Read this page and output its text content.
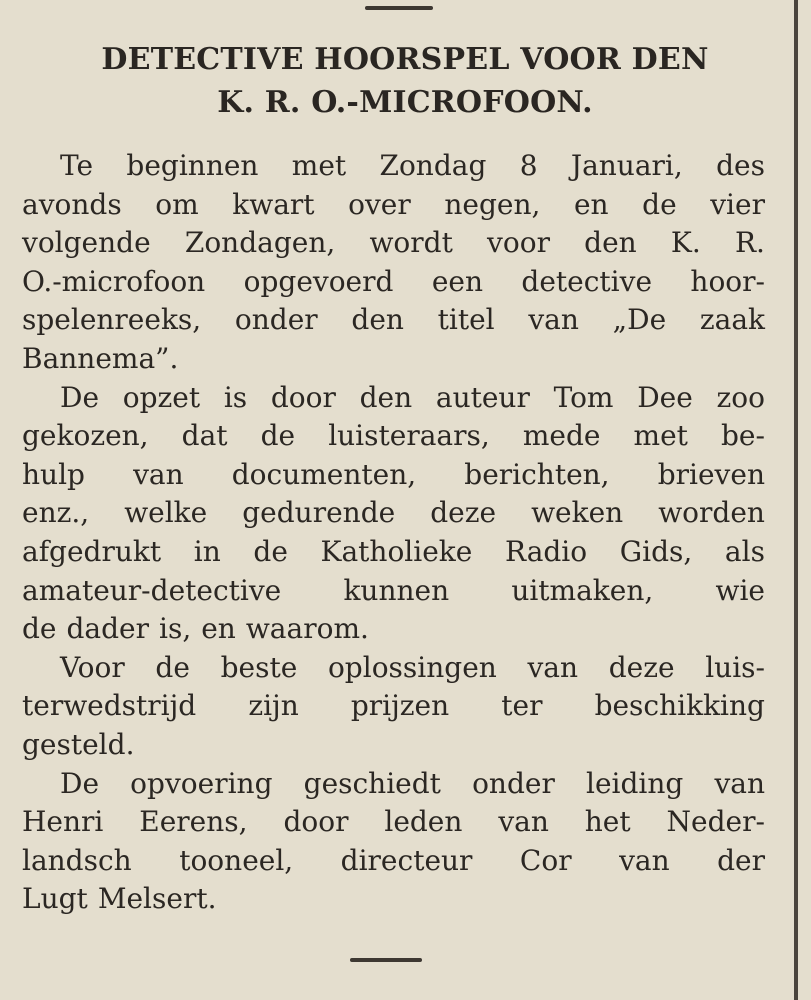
DETECTIVE HOORSPEL VOOR DEN
K. R. O.-MICROFOON.
Te beginnen met Zondag 8 Januari, des
avonds om kwart over negen, en de vier
volgende Zondagen, wordt voor den K. R.
O.-microfoon opgevoerd een detective hoor-
spelenreeks, onder den titel van „De zaak
Bannema”.
De opzet is door den auteur Tom Dee zoo
gekozen, dat de luisteraars, mede met be-
hulp van documenten, berichten, brieven
enz., welke gedurende deze weken worden
afgedrukt in de Katholieke Radio Gids, als
amateur-detective kunnen uitmaken, wie
de dader is, en waarom.
Voor de beste oplossingen van deze luis-
terwedstrijd zijn prijzen ter beschikking
gesteld.
De opvoering geschiedt onder leiding van
Henri Eerens, door leden van het Neder-
landsch tooneel, directeur Cor van der
Lugt Melsert.
